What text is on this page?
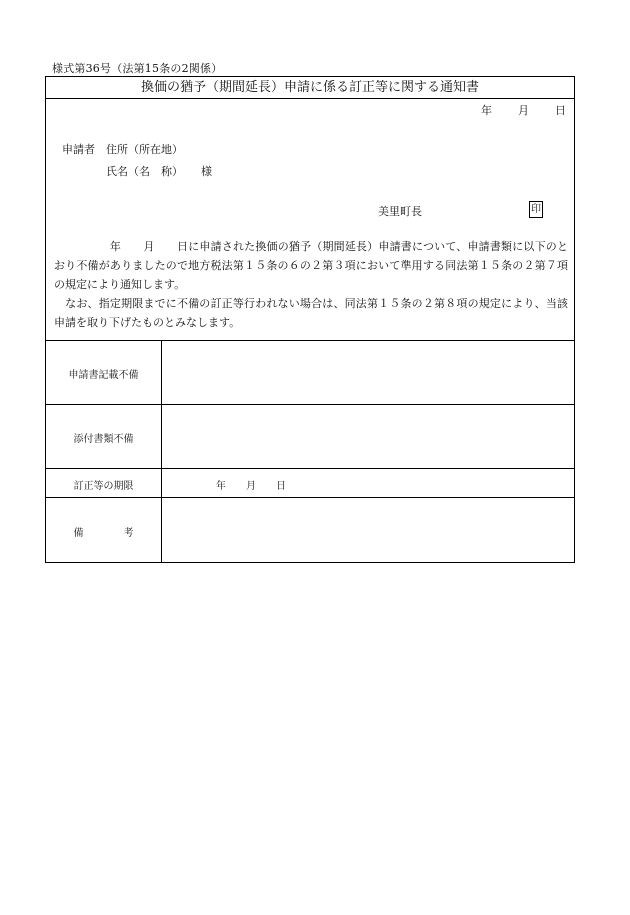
様式第36号（法第15条の2関係）
換価の猶予（期間延長）申請に係る訂正等に関する通知書
年 月 日
申請者 住所（所在地）
氏名（名　称） 様
美里町長	印

　　　　　年　　月　　日に申請された換価の猶予（期間延長）申請書について、申請書類に以下のとおり不備がありましたので地方税法第１５条の６の２第３項において準用する同法第１５条の２第７項の規定により通知します。

　なお、指定期限までに不備の訂正等行われない場合は、同法第１５条の２第８項の規定により、当該申請を取り下げたものとみなします。

申請書記載不備
添付書類不備
訂正等の期限	年　　月　　日
備　　　　考
